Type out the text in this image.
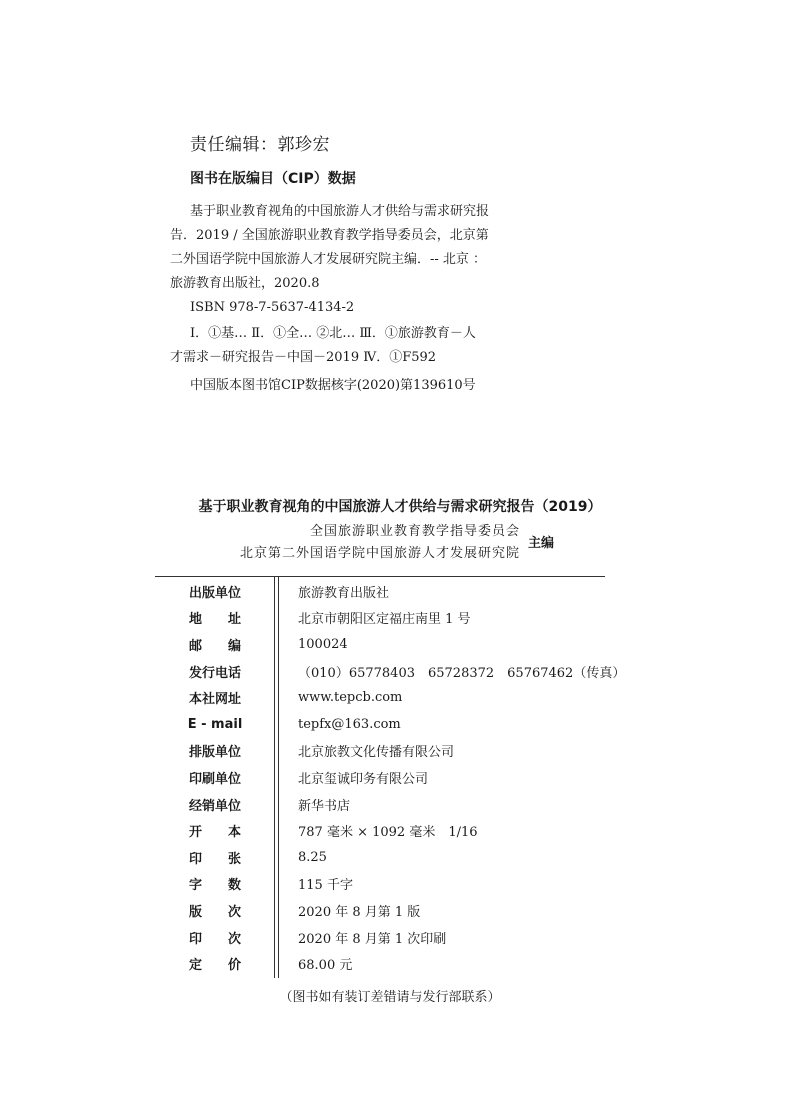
责任编辑：郭珍宏
图书在版编目（CIP）数据
基于职业教育视角的中国旅游人才供给与需求研究报
告．2019 / 全国旅游职业教育教学指导委员会，北京第
二外国语学院中国旅游人才发展研究院主编．-- 北京 ：
旅游教育出版社，2020.8
ISBN 978-7-5637-4134-2
Ⅰ．①基… Ⅱ．①全… ②北… Ⅲ．①旅游教育－人
才需求－研究报告－中国－2019 Ⅳ．①F592
中国版本图书馆CIP数据核字(2020)第139610号
基于职业教育视角的中国旅游人才供给与需求研究报告（2019）
全国旅游职业教育教学指导委员会
北京第二外国语学院中国旅游人才发展研究院
主编
出版单位	旅游教育出版社
地　　址	北京市朝阳区定福庄南里 1 号
邮　　编	100024
发行电话	（010）65778403　65728372　65767462（传真）
本社网址	www.tepcb.com
E - mail	tepfx@163.com
排版单位	北京旅教文化传播有限公司
印刷单位	北京玺诚印务有限公司
经销单位	新华书店
开　　本	787 毫米 × 1092 毫米　1/16
印　　张	8.25
字　　数	115 千字
版　　次	2020 年 8 月第 1 版
印　　次	2020 年 8 月第 1 次印刷
定　　价	68.00 元
（图书如有装订差错请与发行部联系）
